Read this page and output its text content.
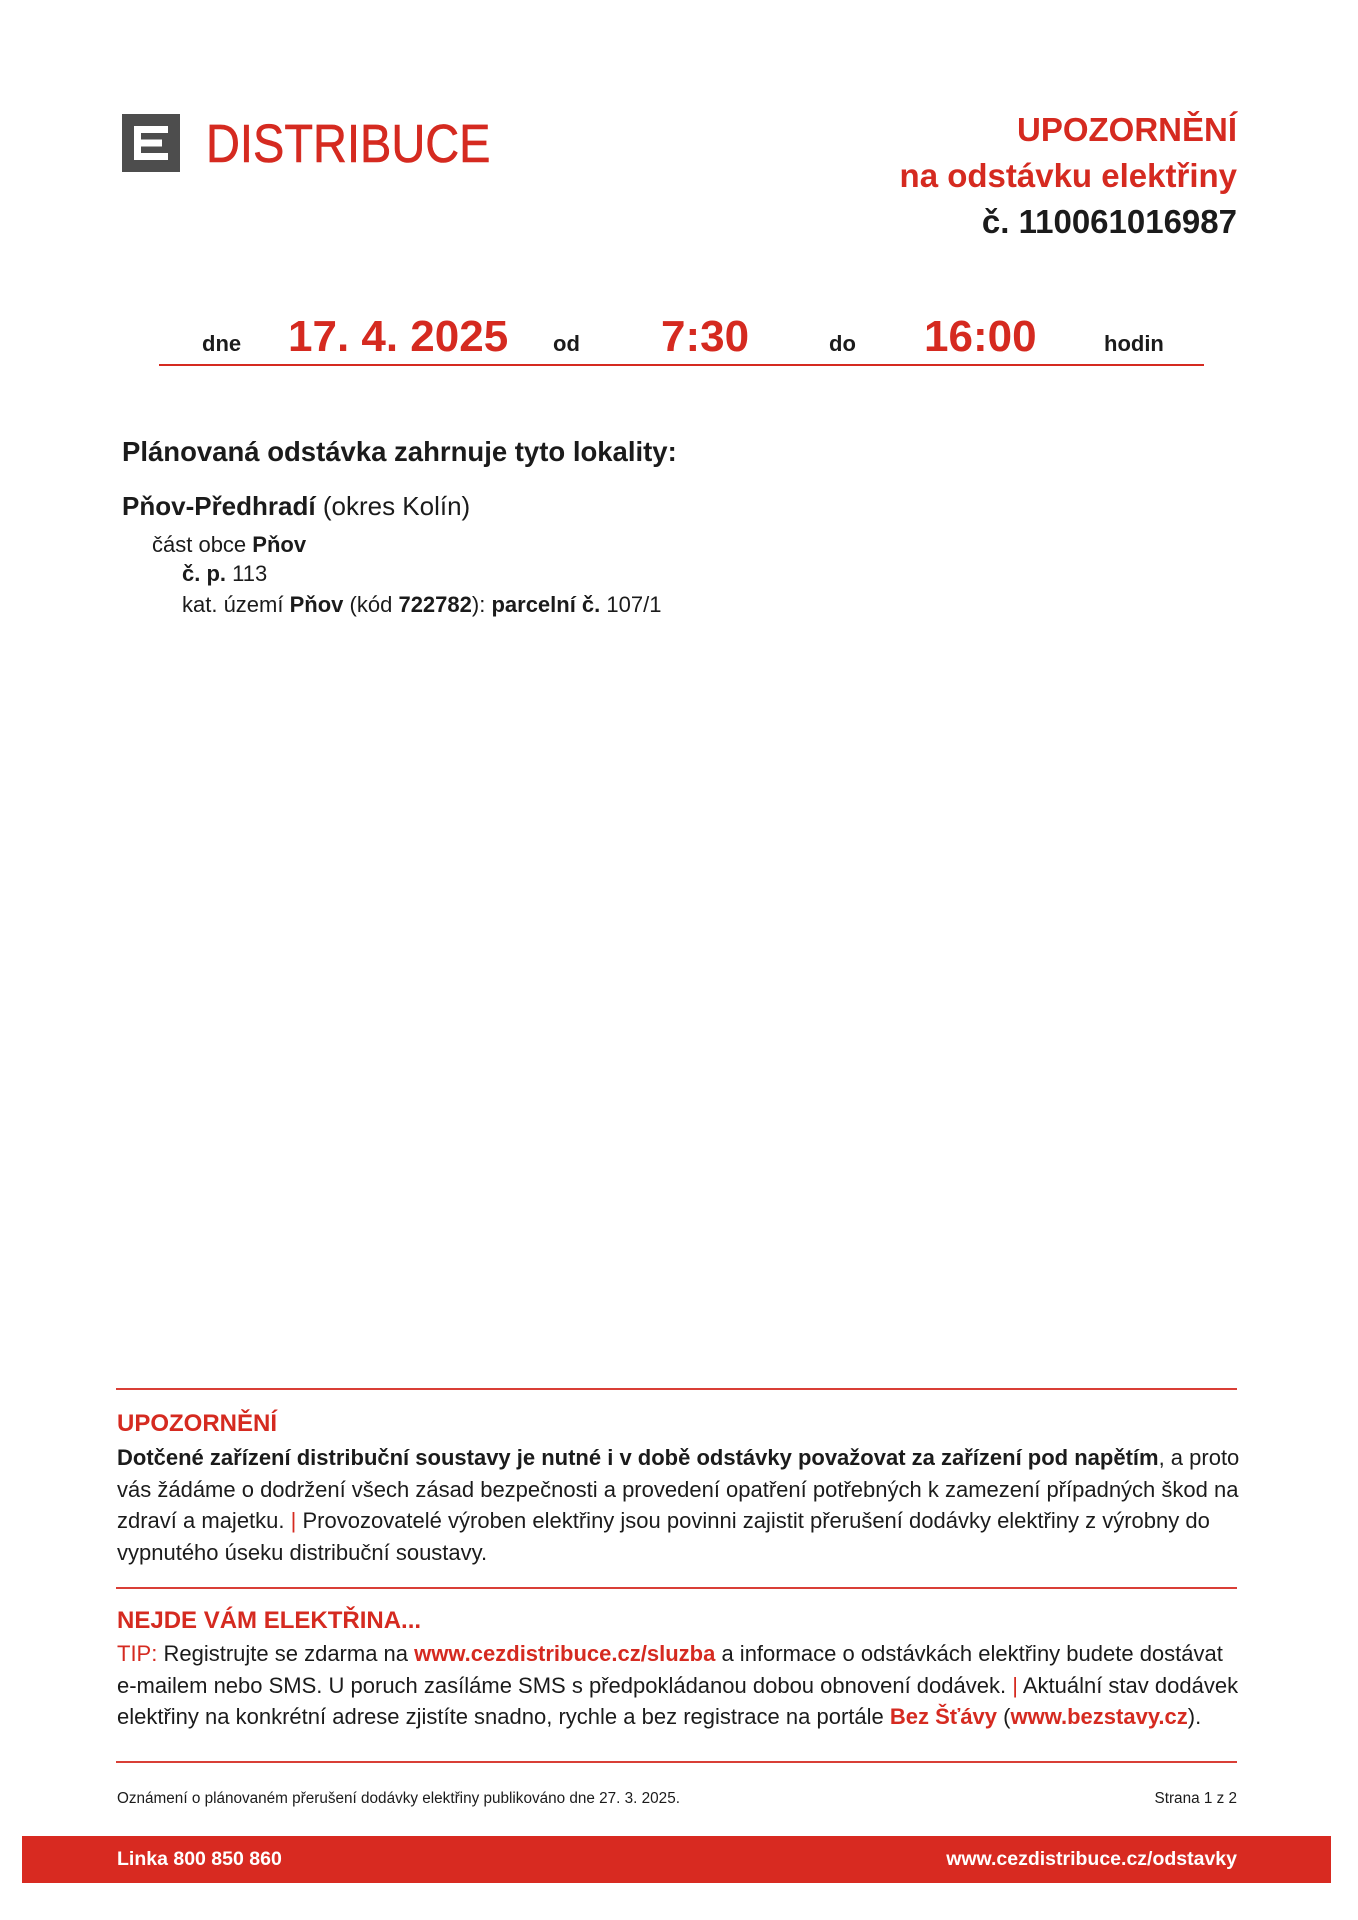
DISTRIBUCE	UPOZORNĚNÍ
na odstávku elektřiny
č. 110061016987
dne 17. 4. 2025 od 7:30	do 16:00	hodin
Plánovaná odstávka zahrnuje tyto lokality:
Pňov-Předhradí (okres Kolín)
část obce Pňov
č. p. 113
kat. území Pňov (kód 722782): parcelní č. 107/1
UPOZORNĚNÍ
Dotčené zařízení distribuční soustavy je nutné i v době odstávky považovat za zařízení pod napětím, a proto vás žádáme o dodržení všech zásad bezpečnosti a provedení opatření potřebných k zamezení případných škod na zdraví a majetku. | Provozovatelé výroben elektřiny jsou povinni zajistit přerušení dodávky elektřiny z výrobny do vypnutého úseku distribuční soustavy.
NEJDE VÁM ELEKTŘINA...
TIP: Registrujte se zdarma na www.cezdistribuce.cz/sluzba a informace o odstávkách elektřiny budete dostávat e-mailem nebo SMS. U poruch zasíláme SMS s předpokládanou dobou obnovení dodávek. | Aktuální stav dodávek elektřiny na konkrétní adrese zjistíte snadno, rychle a bez registrace na portále Bez Šťávy (www.bezstavy.cz).
Oznámení o plánovaném přerušení dodávky elektřiny publikováno dne 27. 3. 2025.	Strana 1 z 2
Linka 800 850 860	www.cezdistribuce.cz/odstavky
